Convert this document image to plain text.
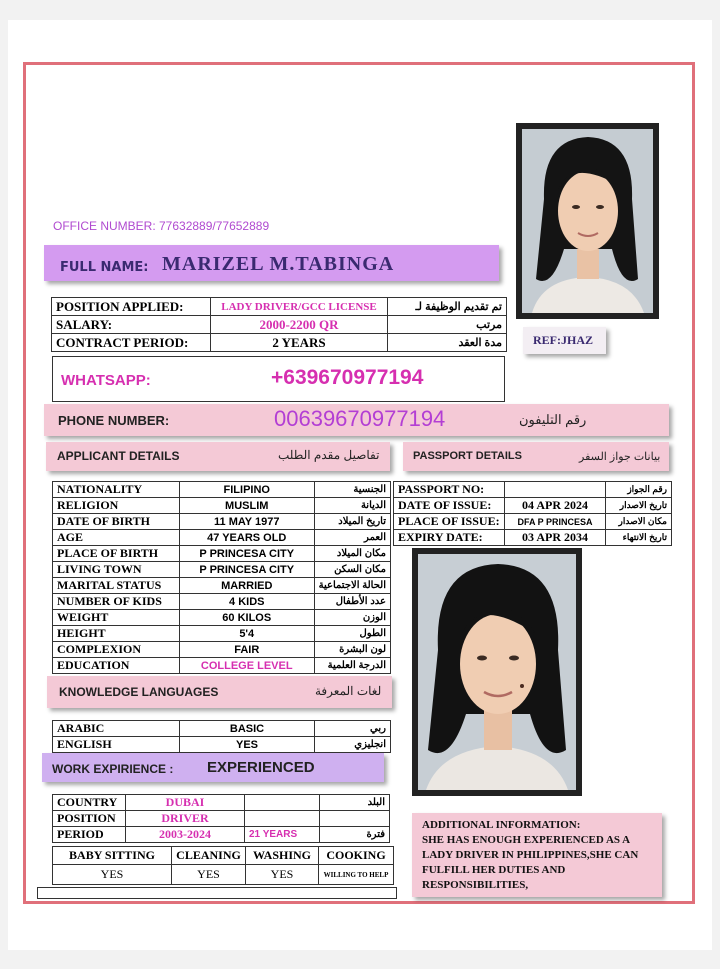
OFFICE NUMBER: 77632889/77652889
FULL NAME: MARIZEL M.TABINGA
REF:JHAZ
POSITION APPLIED:	LADY DRIVER/GCC LICENSE	تم تقديم الوظيفة لـ
SALARY:	2000-2200 QR	مرتب
CONTRACT PERIOD:	2 YEARS	مدة العقد
WHATSAPP:	+639670977194
PHONE NUMBER:	00639670977194	رقم التليفون
APPLICANT DETAILS	تفاصيل مقدم الطلب	PASSPORT DETAILS	بيانات جواز السفر
NATIONALITY	FILIPINO	الجنسية
RELIGION	MUSLIM	الديانة
DATE OF BIRTH	11 MAY 1977	تاريخ الميلاد
AGE	47 YEARS OLD	العمر
PLACE OF BIRTH	P PRINCESA CITY	مكان الميلاد
LIVING TOWN	P PRINCESA CITY	مكان السكن
MARITAL STATUS	MARRIED	الحالة الاجتماعية
NUMBER OF KIDS	4 KIDS	عدد الأطفال
WEIGHT	60 KILOS	الوزن
HEIGHT	5'4	الطول
COMPLEXION	FAIR	لون البشرة
EDUCATION	COLLEGE LEVEL	الدرجة العلمية
PASSPORT NO:		رقم الجواز
DATE OF ISSUE:	04 APR 2024	تاريخ الاصدار
PLACE OF ISSUE:	DFA P PRINCESA	مكان الاصدار
EXPIRY DATE:	03 APR 2034	تاريخ الانتهاء
KNOWLEDGE LANGUAGES	لغات المعرفة
ARABIC	BASIC	ربي
ENGLISH	YES	انجليزي
WORK EXPIRIENCE : EXPERIENCED
COUNTRY	DUBAI		البلد
POSITION	DRIVER		
PERIOD	2003-2024	21 YEARS	فترة
BABY SITTING	CLEANING	WASHING	COOKING
YES	YES	YES	WILLING TO HELP
ADDITIONAL INFORMATION:
SHE HAS ENOUGH EXPERIENCED AS A LADY DRIVER IN PHILIPPINES,SHE CAN FULFILL HER DUTIES AND RESPONSIBILITIES,
